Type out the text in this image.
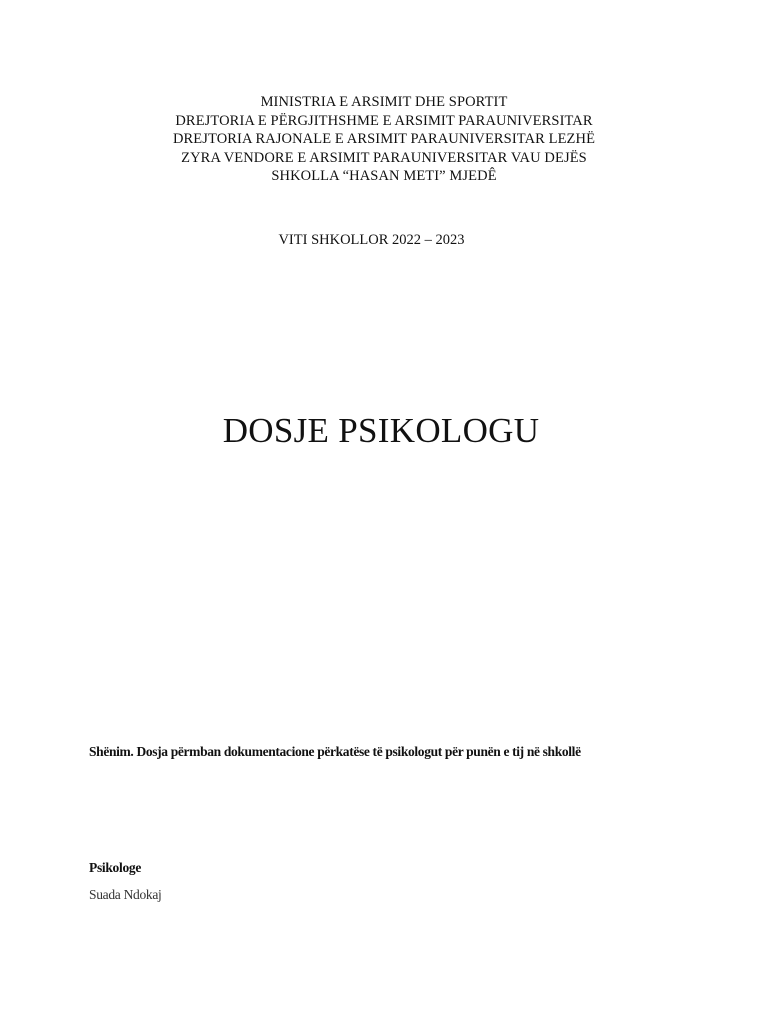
MINISTRIA E ARSIMIT DHE SPORTIT
DREJTORIA E PËRGJITHSHME E ARSIMIT PARAUNIVERSITAR
DREJTORIA RAJONALE E ARSIMIT PARAUNIVERSITAR LEZHË
ZYRA VENDORE E ARSIMIT PARAUNIVERSITAR VAU DEJËS
SHKOLLA “HASAN METI” MJEDÊ
VITI SHKOLLOR 2022 – 2023
DOSJE PSIKOLOGU
Shënim. Dosja përmban dokumentacione përkatëse të psikologut për punën e tij në shkollë
Psikologe
Suada Ndokaj
